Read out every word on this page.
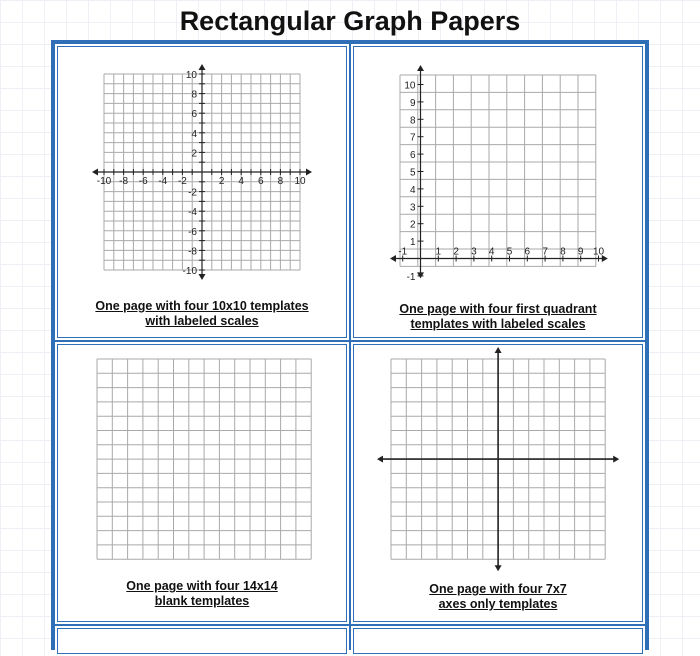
Rectangular Graph Papers
-10 -8 -6 -4 -2	2 4 6 8 10
10
8
6
4
2
-2
-4
-6
-8
-10
One page with four 10x10 templates
with labeled scales
-1	1 2 3 4 5 6 7 8 9 10
10
9
8
7
6
5
4
3
2
1
-1
One page with four first quadrant
templates with labeled scales
One page with four 14x14
blank templates
One page with four 7x7
axes only templates
